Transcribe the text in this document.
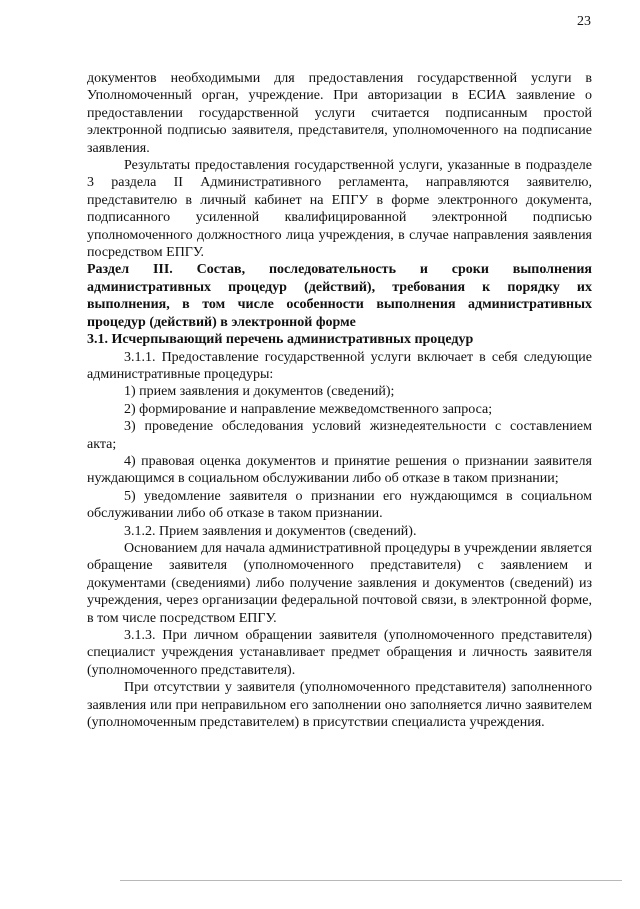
23

документов необходимыми для предоставления государственной услуги в Уполномоченный орган, учреждение. При авторизации в ЕСИА заявление о предоставлении государственной услуги считается подписанным простой электронной подписью заявителя, представителя, уполномоченного на подписание заявления.

Результаты предоставления государственной услуги, указанные в подразделе 3 раздела II Административного регламента, направляются заявителю, представителю в личный кабинет на ЕПГУ в форме электронного документа, подписанного усиленной квалифицированной электронной подписью уполномоченного должностного лица учреждения, в случае направления заявления посредством ЕПГУ.

Раздел III. Состав, последовательность и сроки выполнения административных процедур (действий), требования к порядку их выполнения, в том числе особенности выполнения административных процедур (действий) в электронной форме

3.1. Исчерпывающий перечень административных процедур

3.1.1. Предоставление государственной услуги включает в себя следующие административные процедуры:

1) прием заявления и документов (сведений);

2) формирование и направление межведомственного запроса;

3) проведение обследования условий жизнедеятельности с составлением акта;

4) правовая оценка документов и принятие решения о признании заявителя нуждающимся в социальном обслуживании либо об отказе в таком признании;

5) уведомление заявителя о признании его нуждающимся в социальном обслуживании либо об отказе в таком признании.

3.1.2. Прием заявления и документов (сведений).

Основанием для начала административной процедуры в учреждении является обращение заявителя (уполномоченного представителя) с заявлением и документами (сведениями) либо получение заявления и документов (сведений) из учреждения, через организации федеральной почтовой связи, в электронной форме, в том числе посредством ЕПГУ.

3.1.3. При личном обращении заявителя (уполномоченного представителя) специалист учреждения устанавливает предмет обращения и личность заявителя (уполномоченного представителя).

При отсутствии у заявителя (уполномоченного представителя) заполненного заявления или при неправильном его заполнении оно заполняется лично заявителем (уполномоченным представителем) в присутствии специалиста учреждения.
